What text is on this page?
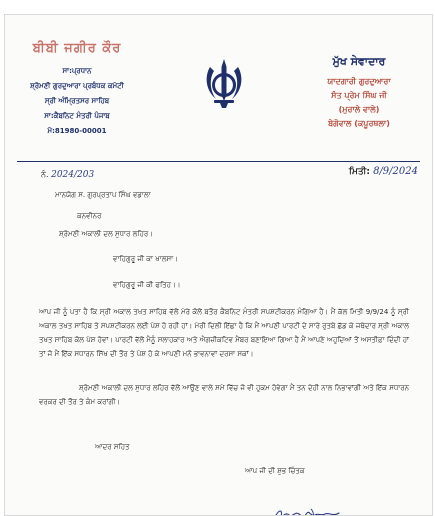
ਬੀਬੀ ਜਗੀਰ ਕੌਰ
ਸਾ:ਪ੍ਰਧਾਨ
ਸ਼੍ਰੋਮਣੀ ਗੁਰਦੁਆਰਾ ਪ੍ਰਬੰਧਕ ਕਮੇਟੀ
ਸ੍ਰੀ ਅੰਮ੍ਰਿਤਸਰ ਸਾਹਿਬ
ਸਾ:ਕੈਬਨਿਟ ਮੰਤਰੀ ਪੰਜਾਬ
ਮੋ:81980-00001
ਮੁੱਖ ਸੇਵਾਦਾਰ
ਯਾਦਗਾਰੀ ਗੁਰਦੁਆਰਾ
ਸੰਤ ਪ੍ਰੇਮ ਸਿੰਘ ਜੀ
(ਮੁਰਾਲੇ ਵਾਲੇ)
ਬੇਗੋਵਾਲ (ਕਪੂਰਥਲਾ)
ਨੰ. 2024/203	ਮਿਤੀ: 8/9/2024
ਮਾਨਯੋਗ ਸ. ਗੁਰਪ੍ਰਤਾਪ ਸਿੰਘ ਵਡਾਲਾ
ਕਨਵੀਨਰ
ਸ਼੍ਰੋਮਣੀ ਅਕਾਲੀ ਦਲ ਸੁਧਾਰ ਲਹਿਰ।
ਵਾਹਿਗੁਰੂ ਜੀ ਕਾ ਖਾਲਸਾ।
ਵਾਹਿਗੁਰੂ ਜੀ ਕੀ ਫਤਿਹ।।
ਆਪ ਜੀ ਨੂੰ ਪਤਾ ਹੈ ਕਿ ਸ੍ਰੀ ਅਕਾਲ ਤਖਤ ਸਾਹਿਬ ਵੱਲੋਂ ਮੇਰੇ ਕੋਲੋਂ ਬਤੌਰ ਕੈਬਨਿਟ ਮੰਤਰੀ ਸਪਸ਼ਟੀਕਰਨ ਮੰਗਿਆ ਹੈ। ਮੈਂ ਕੱਲ ਮਿਤੀ 9/9/24 ਨੂੰ ਸ੍ਰੀ ਅਕਾਲ ਤਖਤ ਸਾਹਿਬ ਤੇ ਸਪਸ਼ਟੀਕਰਨ ਲਈ ਪੇਸ਼ ਹੋ ਰਹੀ ਹਾਂ। ਮੇਰੀ ਦਿਲੀ ਇੱਛਾ ਹੈ ਕਿ ਮੈਂ ਆਪਣੀ ਪਾਰਟੀ ਦੇ ਸਾਰੇ ਰੁਤਬੇ ਛੱਡ ਕੇ ਜਥੇਦਾਰ ਸ੍ਰੀ ਅਕਾਲ ਤਖਤ ਸਾਹਿਬ ਕੋਲ ਪੇਸ਼ ਹੋਵਾਂ। ਪਾਰਟੀ ਵੱਲੋਂ ਮੈਨੂੰ ਸਲਾਹਕਾਰ ਅਤੇ ਐਗਜ਼ੀਕਟਿਵ ਮੈਂਬਰ ਬਣਾਇਆ ਗਿਆ ਹੈ ਮੈਂ ਆਪਣੇ ਅਹੁਦਿਆਂ ਤੋਂ ਅਸਤੀਫ਼ਾ ਦਿੰਦੀ ਹਾਂ ਤਾਂ ਜੋ ਮੈਂ ਇੱਕ ਸਧਾਰਨ ਸਿੱਖ ਦੀ ਤੌਰ ਤੇ ਪੇਸ਼ ਹੋ ਕੇ ਆਪਣੀ ਮਨੋ ਭਾਵਨਾਵਾਂ ਦਰਸਾ ਸਕਾਂ।
ਸ਼੍ਰੋਮਣੀ ਅਕਾਲੀ ਦਲ ਸੁਧਾਰ ਲਹਿਰ ਵੱਲੋਂ ਆਉਣ ਵਾਲੇ ਸਮੇਂ ਵਿੱਚ ਜੋ ਵੀ ਹੁਕਮ ਹੋਵੇਗਾ ਮੈਂ ਤਨ ਦੇਹੀ ਨਾਲ ਨਿਭਾਵਾਂਗੀ ਅਤੇ ਇੱਕ ਸਧਾਰਨ ਵਰਕਰ ਦੀ ਤੌਰ ਤੇ ਕੰਮ ਕਰਾਂਗੀ।
ਆਦਰ ਸਹਿਤ
ਆਪ ਜੀ ਦੀ ਸ਼ੁਭ ਚਿੰਤਕ
